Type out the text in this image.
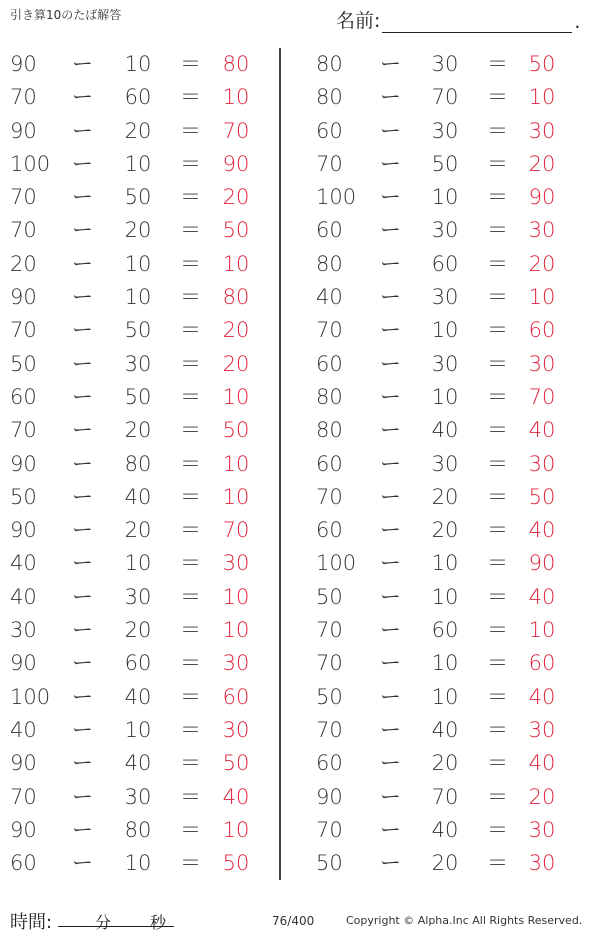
引き算10のたば解答	名前:	.
90	ー	10	＝	80
70	ー	60	＝	10
90	ー	20	＝	70
100	ー	10	＝	90
70	ー	50	＝	20
70	ー	20	＝	50
20	ー	10	＝	10
90	ー	10	＝	80
70	ー	50	＝	20
50	ー	30	＝	20
60	ー	50	＝	10
70	ー	20	＝	50
90	ー	80	＝	10
50	ー	40	＝	10
90	ー	20	＝	70
40	ー	10	＝	30
40	ー	30	＝	10
30	ー	20	＝	10
90	ー	60	＝	30
100	ー	40	＝	60
40	ー	10	＝	30
90	ー	40	＝	50
70	ー	30	＝	40
90	ー	80	＝	10
60	ー	10	＝	50
80	ー	30	＝ 50
80	ー	70	＝ 10
60	ー	30	＝ 30
70	ー	50	＝ 20
100	ー	10	＝ 90
60	ー	30	＝ 30
80	ー	60	＝ 20
40	ー	30	＝ 10
70	ー	10	＝ 60
60	ー	30	＝ 30
80	ー	10	＝ 70
80	ー	40	＝ 40
60	ー	30	＝ 30
70	ー	20	＝ 50
60	ー	20	＝ 40
100	ー	10	＝ 90
50	ー	10	＝ 40
70	ー	60	＝ 10
70	ー	10	＝ 60
50	ー	10	＝ 40
70	ー	40	＝ 30
60	ー	20	＝ 40
90	ー	70	＝ 20
70	ー	40	＝ 30
50	ー	20	＝ 30
時間:	分 秒	76/400	Copyright © Alpha.Inc All Rights Reserved.
